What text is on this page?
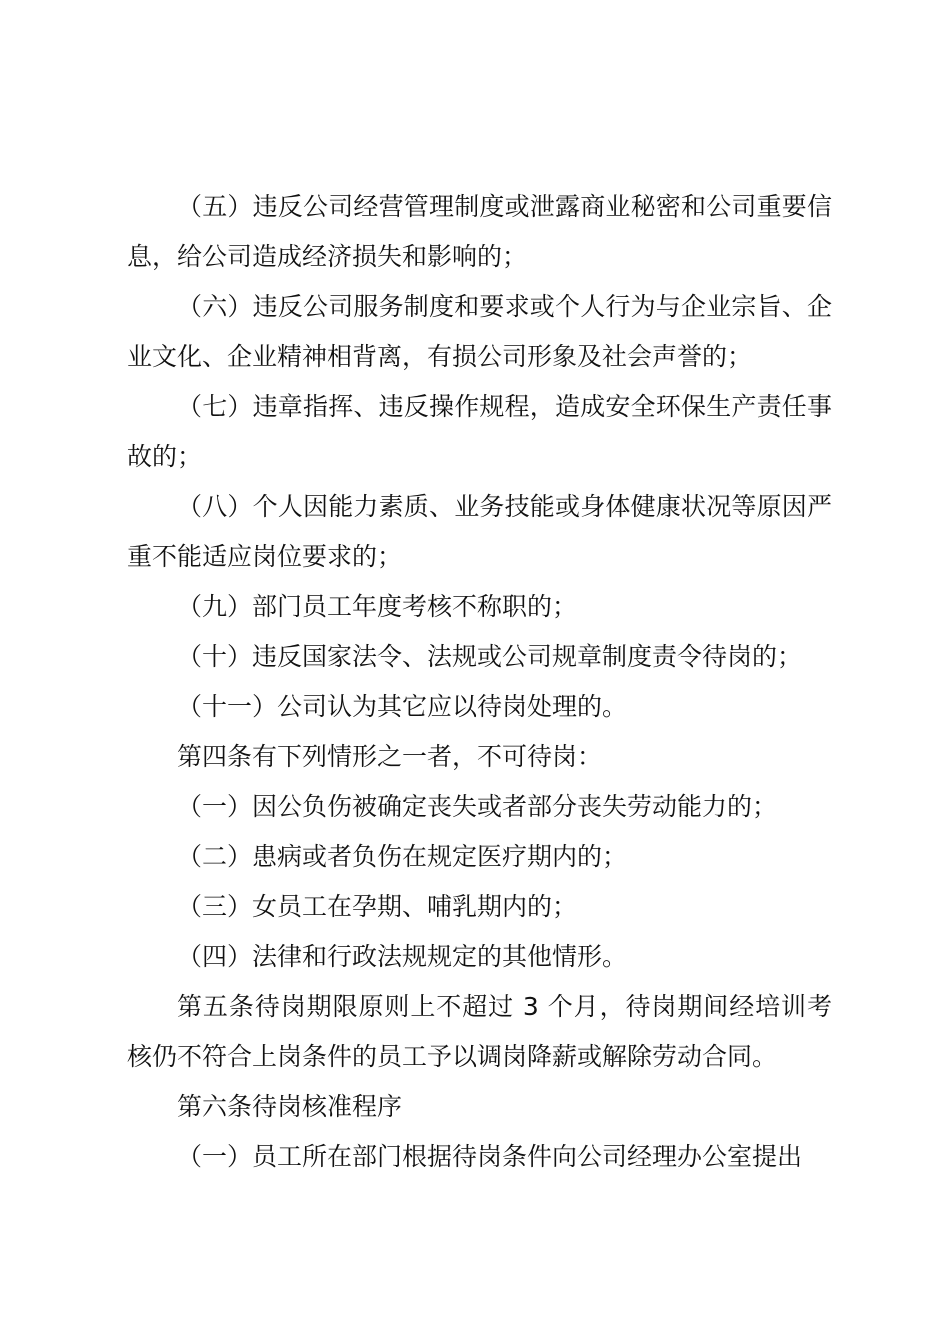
（五）违反公司经营管理制度或泄露商业秘密和公司重要信息，给公司造成经济损失和影响的；

（六）违反公司服务制度和要求或个人行为与企业宗旨、企业文化、企业精神相背离，有损公司形象及社会声誉的；

（七）违章指挥、违反操作规程，造成安全环保生产责任事故的；

（八）个人因能力素质、业务技能或身体健康状况等原因严重不能适应岗位要求的；

（九）部门员工年度考核不称职的；

（十）违反国家法令、法规或公司规章制度责令待岗的；

（十一）公司认为其它应以待岗处理的。

第四条有下列情形之一者，不可待岗：

（一）因公负伤被确定丧失或者部分丧失劳动能力的；

（二）患病或者负伤在规定医疗期内的；

（三）女员工在孕期、哺乳期内的；

（四）法律和行政法规规定的其他情形。

第五条待岗期限原则上不超过 3 个月，待岗期间经培训考核仍不符合上岗条件的员工予以调岗降薪或解除劳动合同。

第六条待岗核准程序

（一）员工所在部门根据待岗条件向公司经理办公室提出
